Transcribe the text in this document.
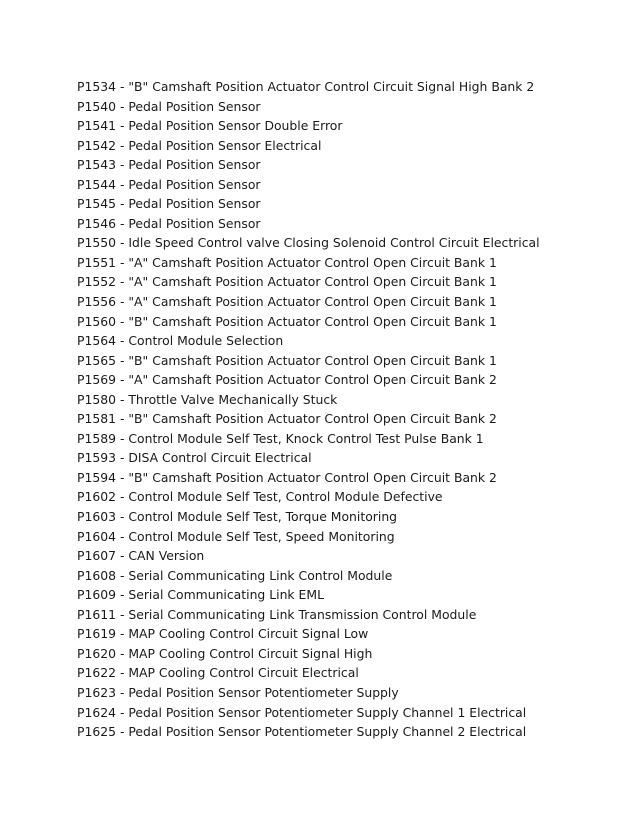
P1534 - "B" Camshaft Position Actuator Control Circuit Signal High Bank 2
P1540 - Pedal Position Sensor
P1541 - Pedal Position Sensor Double Error
P1542 - Pedal Position Sensor Electrical
P1543 - Pedal Position Sensor
P1544 - Pedal Position Sensor
P1545 - Pedal Position Sensor
P1546 - Pedal Position Sensor
P1550 - Idle Speed Control valve Closing Solenoid Control Circuit Electrical
P1551 - "A" Camshaft Position Actuator Control Open Circuit Bank 1
P1552 - "A" Camshaft Position Actuator Control Open Circuit Bank 1
P1556 - "A" Camshaft Position Actuator Control Open Circuit Bank 1
P1560 - "B" Camshaft Position Actuator Control Open Circuit Bank 1
P1564 - Control Module Selection
P1565 - "B" Camshaft Position Actuator Control Open Circuit Bank 1
P1569 - "A" Camshaft Position Actuator Control Open Circuit Bank 2
P1580 - Throttle Valve Mechanically Stuck
P1581 - "B" Camshaft Position Actuator Control Open Circuit Bank 2
P1589 - Control Module Self Test, Knock Control Test Pulse Bank 1
P1593 - DISA Control Circuit Electrical
P1594 - "B" Camshaft Position Actuator Control Open Circuit Bank 2
P1602 - Control Module Self Test, Control Module Defective
P1603 - Control Module Self Test, Torque Monitoring
P1604 - Control Module Self Test, Speed Monitoring
P1607 - CAN Version
P1608 - Serial Communicating Link Control Module
P1609 - Serial Communicating Link EML
P1611 - Serial Communicating Link Transmission Control Module
P1619 - MAP Cooling Control Circuit Signal Low
P1620 - MAP Cooling Control Circuit Signal High
P1622 - MAP Cooling Control Circuit Electrical
P1623 - Pedal Position Sensor Potentiometer Supply
P1624 - Pedal Position Sensor Potentiometer Supply Channel 1 Electrical
P1625 - Pedal Position Sensor Potentiometer Supply Channel 2 Electrical
